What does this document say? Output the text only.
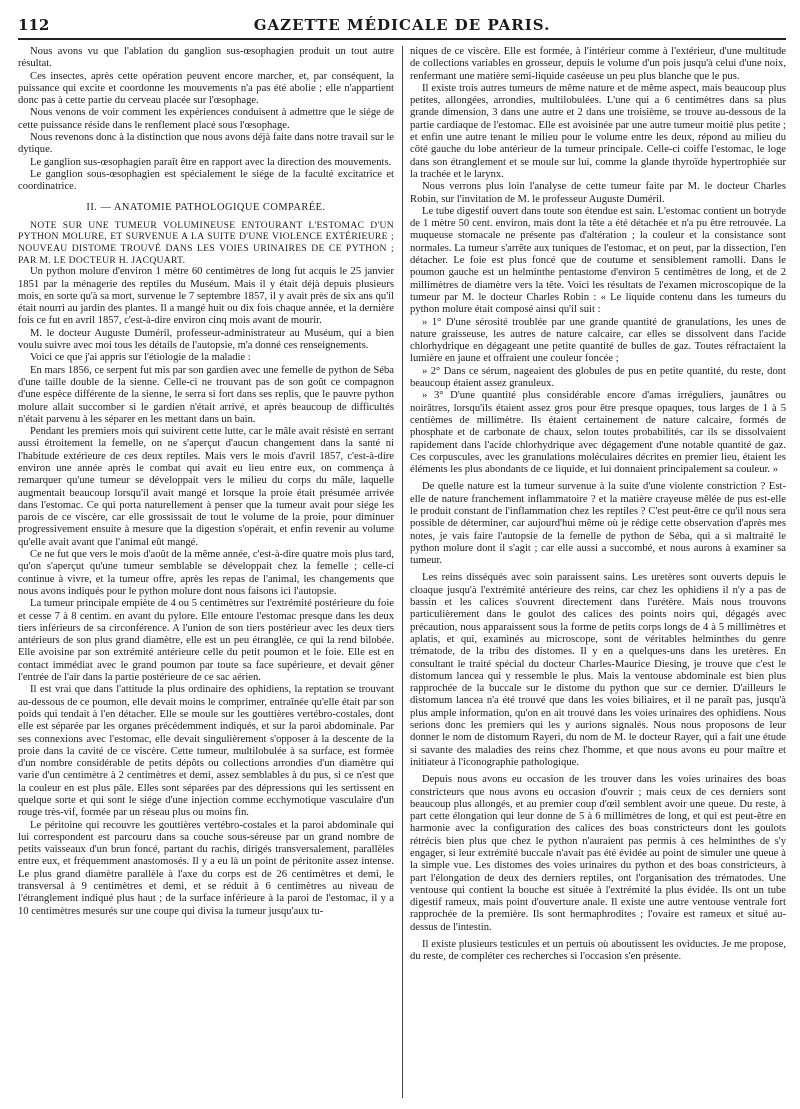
112	GAZETTE MÉDICALE DE PARIS.

Nous avons vu que l'ablation du ganglion sus-œsophagien produit un tout autre résultat.

Ces insectes, après cette opération peuvent encore marcher, et, par conséquent, la puissance qui excite et coordonne les mouvements n'a pas été abolie ; elle n'appartient donc pas à cette partie du cerveau placée sur l'œsophage.

Nous venons de voir comment les expériences conduisent à admettre que le siége de cette puissance réside dans le renflement placé sous l'œsophage.

Nous revenons donc à la distinction que nous avons déjà faite dans notre travail sur le dytique.

Le ganglion sus-œsophagien paraît être en rapport avec la direction des mouvements.

Le ganglion sous-œsophagien est spécialement le siége de la faculté excitatrice et coordinatrice.

II. — ANATOMIE PATHOLOGIQUE COMPARÉE.

NOTE SUR UNE TUMEUR VOLUMINEUSE ENTOURANT L'ESTOMAC D'UN PYTHON MOLURE, ET SURVENUE A LA SUITE D'UNE VIOLENCE EXTÉRIEURE ; NOUVEAU DISTOME TROUVÉ DANS LES VOIES URINAIRES DE CE PYTHON ; PAR M. LE DOCTEUR H. JACQUART.

Un python molure d'environ 1 mètre 60 centimètres de long fut acquis le 25 janvier 1851 par la ménagerie des reptiles du Muséum. Mais il y était déjà depuis plusieurs mois, en sorte qu'à sa mort, survenue le 7 septembre 1857, il y avait près de six ans qu'il était nourri au jardin des plantes. Il a mangé huit ou dix fois chaque année, et la dernière fois ce fut en avril 1857, c'est-à-dire environ cinq mois avant de mourir.

M. le docteur Auguste Duméril, professeur-administrateur au Muséum, qui a bien voulu suivre avec moi tous les détails de l'autopsie, m'a donné ces renseignements.

Voici ce que j'ai appris sur l'étiologie de la maladie :

En mars 1856, ce serpent fut mis par son gardien avec une femelle de python de Séba d'une taille double de la sienne. Celle-ci ne trouvant pas de son goût ce compagnon d'une espèce différente de la sienne, le serra si fort dans ses replis, que le pauvre python molure allait succomber si le gardien n'était arrivé, et après beaucoup de difficultés n'était parvenu à les séparer en les mettant dans un bain.

Pendant les premiers mois qui suivirent cette lutte, car le mâle avait résisté en serrant aussi étroitement la femelle, on ne s'aperçut d'aucun changement dans la santé ni l'habitude extérieure de ces deux reptiles. Mais vers le mois d'avril 1857, c'est-à-dire environ une année après le combat qui avait eu lieu entre eux, on commença à remarquer qu'une tumeur se développait vers le milieu du corps du mâle, laquelle augmentait beaucoup lorsqu'il avait mangé et lorsque la proie était présumée arrivée dans l'estomac. Ce qui porta naturellement à penser que la tumeur avait pour siége les parois de ce viscère, car elle grossissait de tout le volume de la proie, pour diminuer progressivement ensuite à mesure que la digestion s'opérait, et enfin revenir au volume qu'elle avait avant que l'animal eût mangé.

Ce ne fut que vers le mois d'août de la même année, c'est-à-dire quatre mois plus tard, qu'on s'aperçut qu'une tumeur semblable se développait chez la femelle ; celle-ci continue à vivre, et la tumeur offre, après les repas de l'animal, les changements que nous avons indiqués pour le python molure dont nous faisons ici l'autopsie.

La tumeur principale empiète de 4 ou 5 centimètres sur l'extrémité postérieure du foie et cesse 7 à 8 centim. en avant du pylore. Elle entoure l'estomac presque dans les deux tiers inférieurs de sa circonférence. A l'union de son tiers postérieur avec les deux tiers antérieurs de son plus grand diamètre, elle est un peu étranglée, ce qui la rend bilobée. Elle avoisine par son extrémité antérieure celle du petit poumon et le foie. Elle est en contact immédiat avec le grand poumon par toute sa face supérieure, et devait gêner l'entrée de l'air dans la partie postérieure de ce sac aérien.

Il est vrai que dans l'attitude la plus ordinaire des ophidiens, la reptation se trouvant au-dessous de ce poumon, elle devait moins le comprimer, entraînée qu'elle était par son poids qui tendait à l'en détacher. Elle se moule sur les gouttières vertébro-costales, dont elle est séparée par les organes précédemment indiqués, et sur la paroi abdominale. Par ses connexions avec l'estomac, elle devait singulièrement s'opposer à la descente de la proie dans la cavité de ce viscère. Cette tumeur, multilobulée à sa surface, est formée d'un nombre considérable de petits dépôts ou collections arrondies d'un diamètre qui varie d'un centimètre à 2 centimètres et demi, assez semblables à du pus, si ce n'est que la couleur en est plus pâle. Elles sont séparées par des dépressions qui les sertissent en quelque sorte et qui sont le siége d'une injection comme ecchymotique vasculaire d'un rouge très-vif, formée par un réseau plus ou moins fin.

Le péritoine qui recouvre les gouttières vertébro-costales et la paroi abdominale qui lui correspondent est parcouru dans sa couche sous-séreuse par un grand nombre de petits vaisseaux d'un brun foncé, partant du rachis, dirigés transversalement, parallèles entre eux, et fréquemment anastomosés. Il y a eu là un point de péritonite assez intense. Le plus grand diamètre parallèle à l'axe du corps est de 26 centimètres et demi, le transversal à 9 centimètres et demi, et se réduit à 6 centimètres au niveau de l'étranglement indiqué plus haut ; de la surface inférieure à la paroi de l'estomac, il y a 10 centimètres mesurés sur une coupe qui divisa la tumeur jusqu'aux tu-

niques de ce viscère. Elle est formée, à l'intérieur comme à l'extérieur, d'une multitude de collections variables en grosseur, depuis le volume d'un pois jusqu'à celui d'une noix, renfermant une matière semi-liquide caséeuse un peu plus blanche que le pus.

Il existe trois autres tumeurs de même nature et de même aspect, mais beaucoup plus petites, allongées, arrondies, multilobulées. L'une qui a 6 centimètres dans sa plus grande dimension, 3 dans une autre et 2 dans une troisième, se trouve au-dessous de la partie cardiaque de l'estomac. Elle est avoisinée par une autre tumeur moitié plus petite ; et enfin une autre tenant le milieu pour le volume entre les deux, répond au milieu du côté gauche du lobe antérieur de la tumeur principale. Celle-ci coiffe l'estomac, le loge dans son étranglement et se moule sur lui, comme la glande thyroïde hypertrophiée sur la trachée et le larynx.

Nous verrons plus loin l'analyse de cette tumeur faite par M. le docteur Charles Robin, sur l'invitation de M. le professeur Auguste Duméril.

Le tube digestif ouvert dans toute son étendue est sain. L'estomac contient un botryde de 1 mètre 50 cent. environ, mais dont la tête a été détachée et n'a pu être retrouvée. La muqueuse stomacale ne présente pas d'altération ; la couleur et la consistance sont normales. La tumeur s'arrête aux tuniques de l'estomac, et on peut, par la dissection, l'en détacher. Le foie est plus foncé que de coutume et sensiblement ramolli. Dans le poumon gauche est un helminthe pentastome d'environ 5 centimètres de long, et de 2 millimètres de diamètre vers la tête. Voici les résultats de l'examen microscopique de la tumeur par M. le docteur Charles Robin : « Le liquide contenu dans les tumeurs du python molure était composé ainsi qu'il suit :

» 1° D'une sérosité troublée par une grande quantité de granulations, les unes de nature graisseuse, les autres de nature calcaire, car elles se dissolvent dans l'acide chlorhydrique en dégageant une petite quantité de bulles de gaz. Toutes réfractaient la lumière en jaune et offraient une couleur foncée ;

» 2° Dans ce sérum, nageaient des globules de pus en petite quantité, du reste, dont beaucoup étaient assez granuleux.

» 3° D'une quantité plus considérable encore d'amas irréguliers, jaunâtres ou noirâtres, lorsqu'ils étaient assez gros pour être presque opaques, tous larges de 1 à 5 centièmes de millimètre. Ils étaient certainement de nature calcaire, formés de phosphate et de carbonate de chaux, selon toutes probabilités, car ils se dissolvaient rapidement dans l'acide chlorhydrique avec dégagement d'une notable quantité de gaz. Ces corpuscules, avec les granulations moléculaires décrites en premier lieu, étaient les éléments les plus abondants de ce liquide, et lui donnaient principalement sa couleur. »

De quelle nature est la tumeur survenue à la suite d'une violente constriction ? Est-elle de nature franchement inflammatoire ? et la matière crayeuse mêlée de pus est-elle le produit constant de l'inflammation chez les reptiles ? C'est peut-être ce qu'il nous sera possible de déterminer, car aujourd'hui même où je rédige cette observation d'après mes notes, je vais faire l'autopsie de la femelle de python de Séba, qui a si maltraité le python molure dont il s'agit ; car elle aussi a succombé, et nous aurons à examiner sa tumeur.

Les reins disséqués avec soin paraissent sains. Les uretères sont ouverts depuis le cloaque jusqu'à l'extrémité antérieure des reins, car chez les ophidiens il n'y a pas de bassin et les calices s'ouvrent directement dans l'urétère. Mais nous trouvons particulièrement dans le goulot des calices des points noirs qui, dégagés avec précaution, nous apparaissent sous la forme de petits corps longs de 4 à 5 millimètres et aplatis, et qui, examinés au microscope, sont de véritables helminthes du genre trématode, de la tribu des distomes. Il y en a quelques-uns dans les uretères. En consultant le traité spécial du docteur Charles-Maurice Diesing, je trouve que c'est le distomum lancea qui y ressemble le plus. Mais la ventouse abdominale est bien plus rapprochée de la buccale sur le distome du python que sur ce dernier. D'ailleurs le distomum lancea n'a été trouvé que dans les voies biliaires, et il ne paraît pas, jusqu'à plus ample information, qu'on en ait trouvé dans les voies urinaires des ophidiens. Nous serions donc les premiers qui les y aurions signalés. Nous nous proposons de leur donner le nom de distomum Rayeri, du nom de M. le docteur Rayer, qui a fait une étude si savante des maladies des reins chez l'homme, et que nous avons eu pour maître et initiateur à l'iconographie pathologique.

Depuis nous avons eu occasion de les trouver dans les voies urinaires des boas constricteurs que nous avons eu occasion d'ouvrir ; mais ceux de ces derniers sont beaucoup plus allongés, et au premier coup d'œil semblent avoir une queue. Du reste, à part cette élongation qui leur donne de 5 à 6 millimètres de long, et qui est peut-être en harmonie avec la configuration des calices des boas constricteurs dont les goulots rétrécis bien plus que chez le python n'auraient pas permis à ces helminthes de s'y engager, si leur extrémité buccale n'avait pas été évidée au point de simuler une queue à la simple vue. Les distomes des voies urinaires du python et des boas constricteurs, à part l'élongation de deux des derniers reptiles, ont l'organisation des trématodes. Une ventouse qui contient la bouche est située à l'extrémité la plus évidée. Ils ont un tube digestif rameux, mais point d'ouverture anale. Il existe une autre ventouse ventrale fort rapprochée de la première. Ils sont hermaphrodites ; l'ovaire est rameux et situé au-dessus de l'intestin.

Il existe plusieurs testicules et un pertuis où aboutissent les oviductes. Je me propose, du reste, de compléter ces recherches si l'occasion s'en présente.
